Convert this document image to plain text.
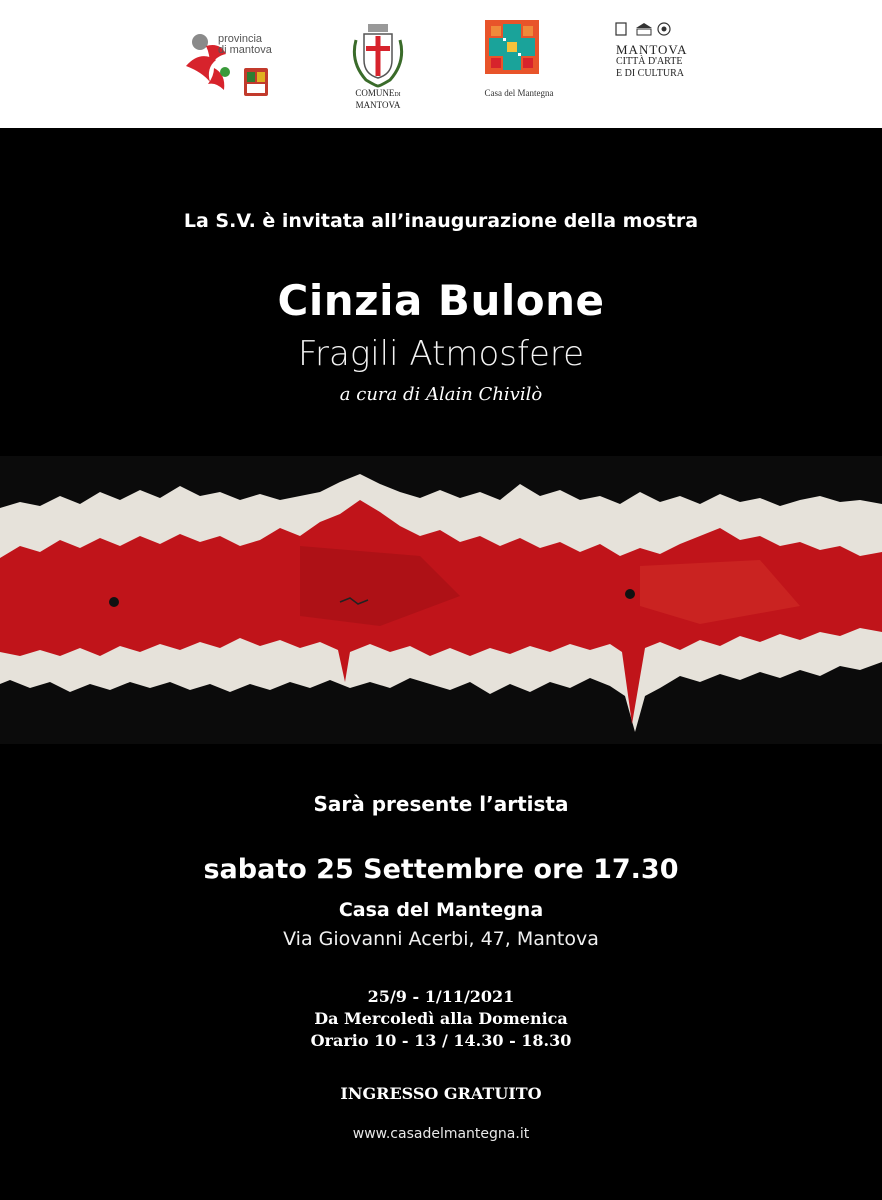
provincia
di mantova
COMUNEDI
MANTOVA
Casa del Mantegna
MANTOVA
CITTÀ D'ARTE
E DI CULTURA
La S.V. è invitata all’inaugurazione della mostra
Cinzia Bulone
Fragili Atmosfere
a cura di Alain Chivilò
Sarà presente l’artista
sabato 25 Settembre ore 17.30
Casa del Mantegna
Via Giovanni Acerbi, 47, Mantova
25/9 - 1/11/2021
Da Mercoledì alla Domenica
Orario 10 - 13 / 14.30 - 18.30
INGRESSO GRATUITO
www.casadelmantegna.it
